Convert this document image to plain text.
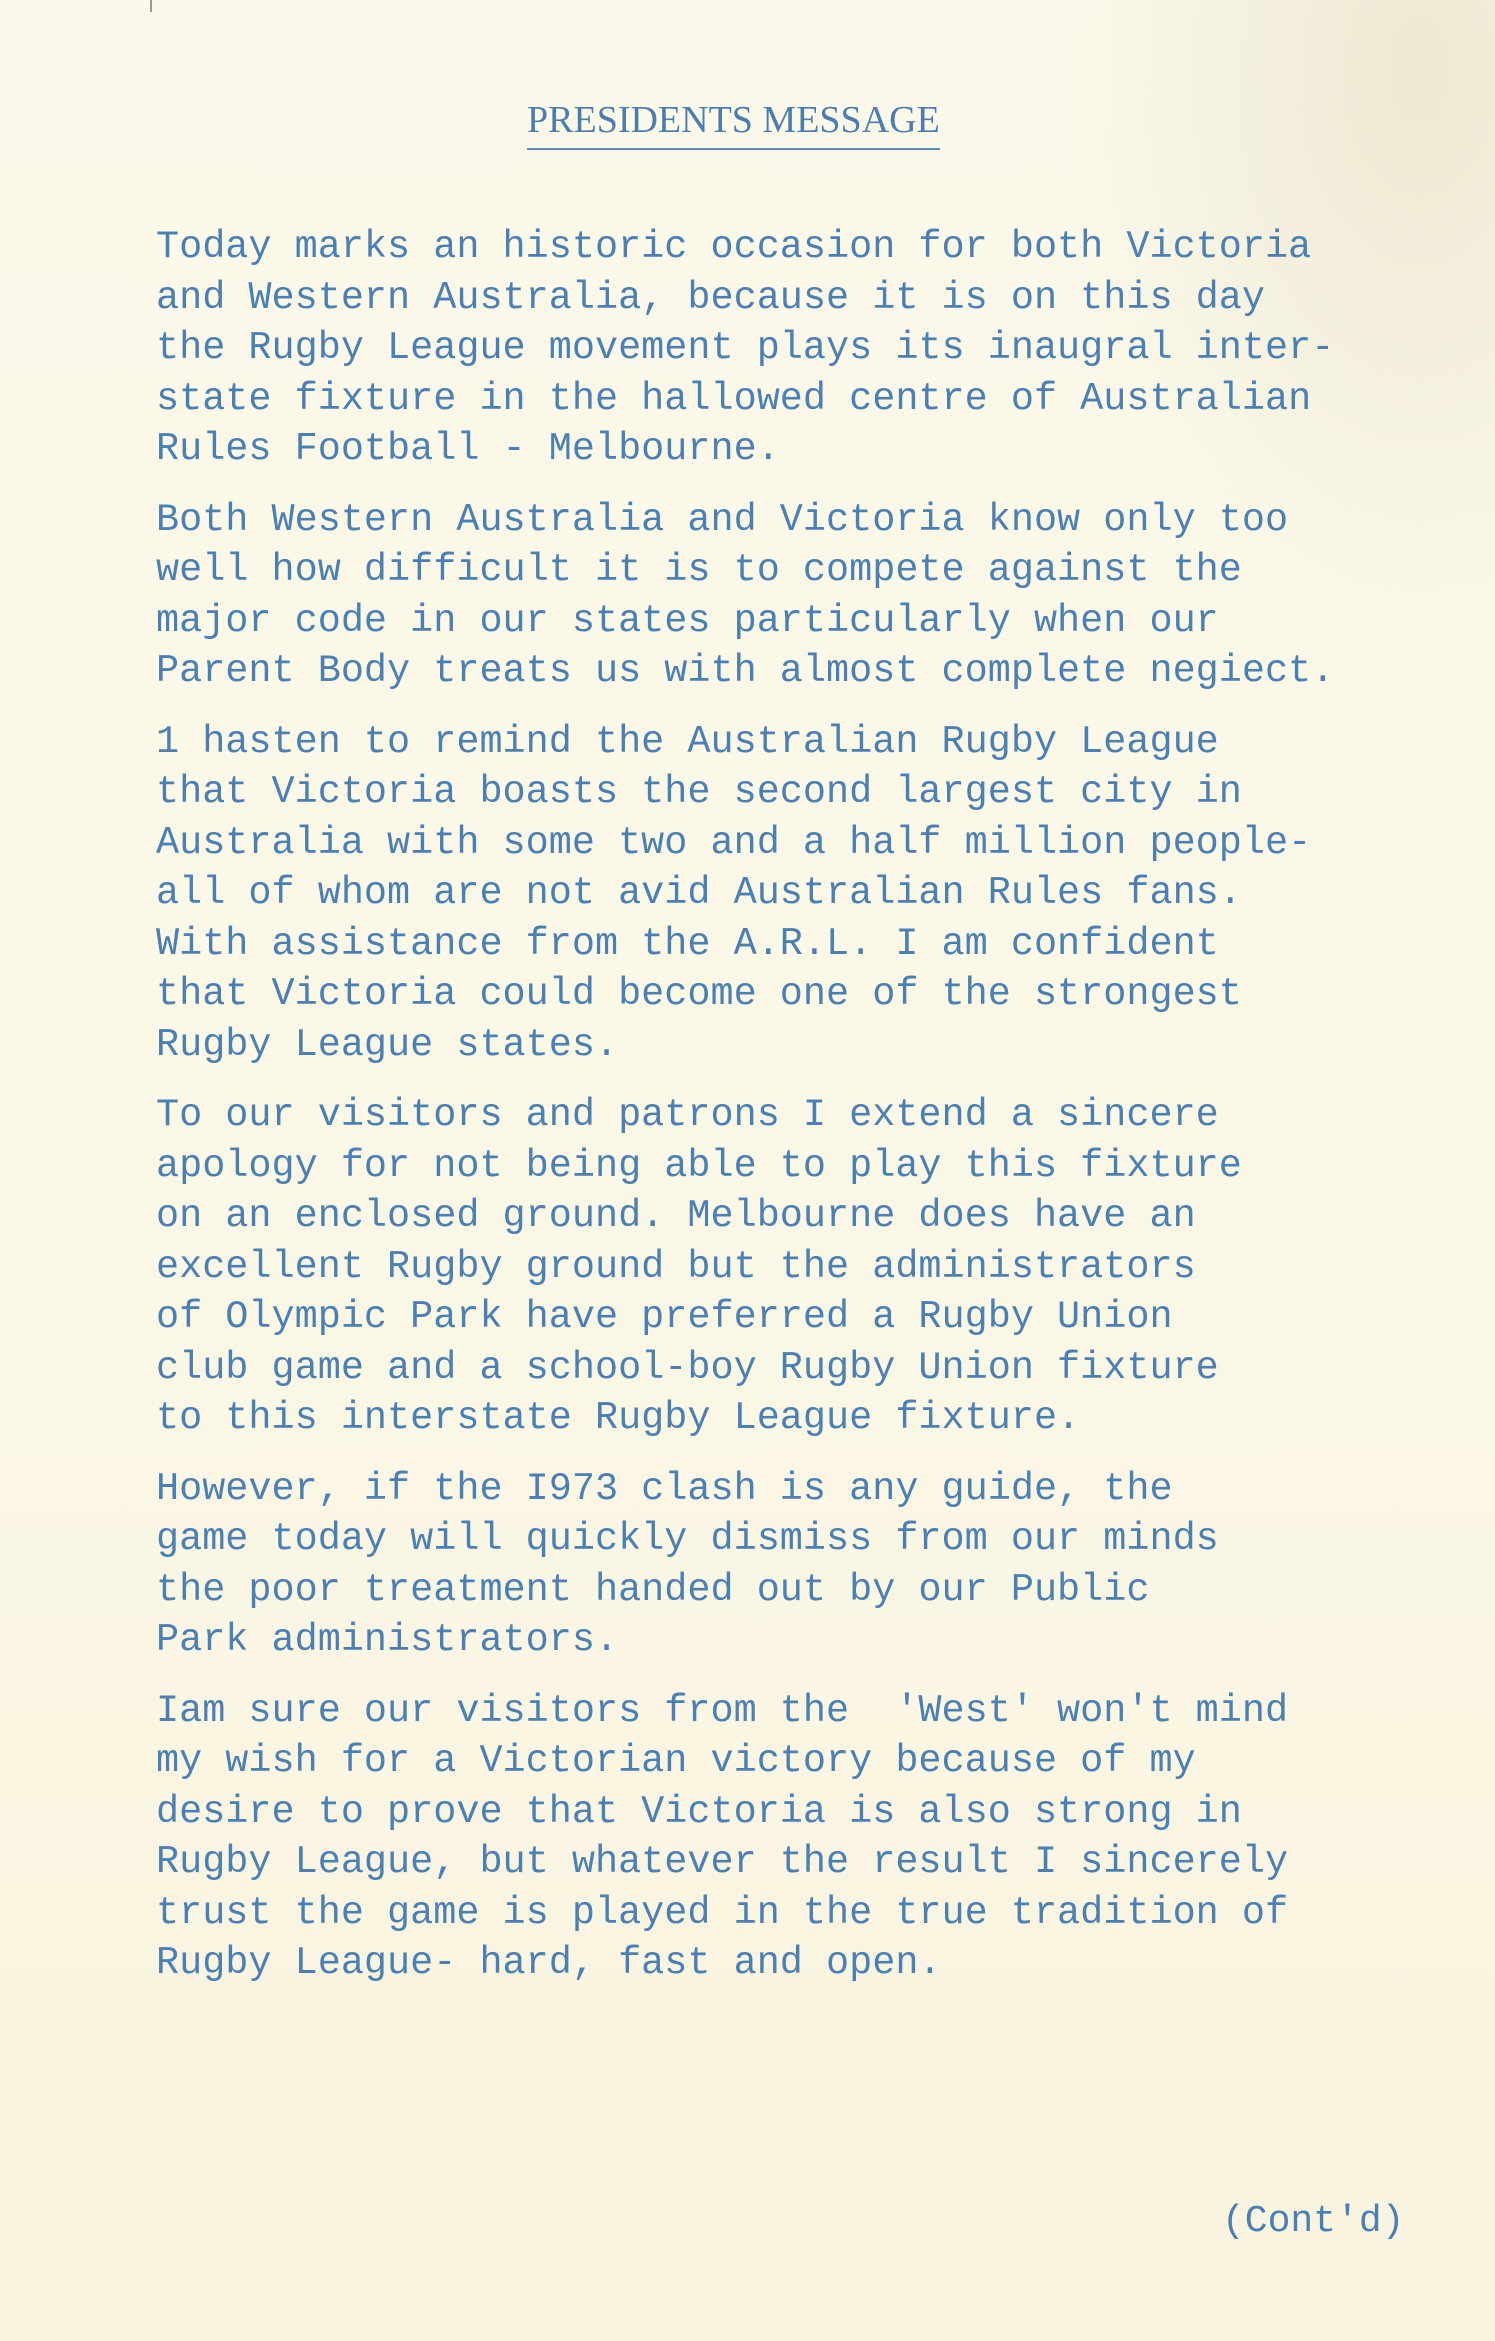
PRESIDENTS MESSAGE
Today marks an historic occasion for both Victoria
and Western Australia, because it is on this day
the Rugby League movement plays its inaugral inter-
state fixture in the hallowed centre of Australian
Rules Football - Melbourne.
Both Western Australia and Victoria know only too
well how difficult it is to compete against the
major code in our states particularly when our
Parent Body treats us with almost complete negiect.
1 hasten to remind the Australian Rugby League
that Victoria boasts the second largest city in
Australia with some two and a half million people-
all of whom are not avid Australian Rules fans.
With assistance from the A.R.L. I am confident
that Victoria could become one of the strongest
Rugby League states.
To our visitors and patrons I extend a sincere
apology for not being able to play this fixture
on an enclosed ground. Melbourne does have an
excellent Rugby ground but the administrators
of Olympic Park have preferred a Rugby Union
club game and a school-boy Rugby Union fixture
to this interstate Rugby League fixture.
However, if the I973 clash is any guide, the
game today will quickly dismiss from our minds
the poor treatment handed out by our Public
Park administrators.
Iam sure our visitors from the  'West' won't mind
my wish for a Victorian victory because of my
desire to prove that Victoria is also strong in
Rugby League, but whatever the result I sincerely
trust the game is played in the true tradition of
Rugby League- hard, fast and open.
(Cont'd)
